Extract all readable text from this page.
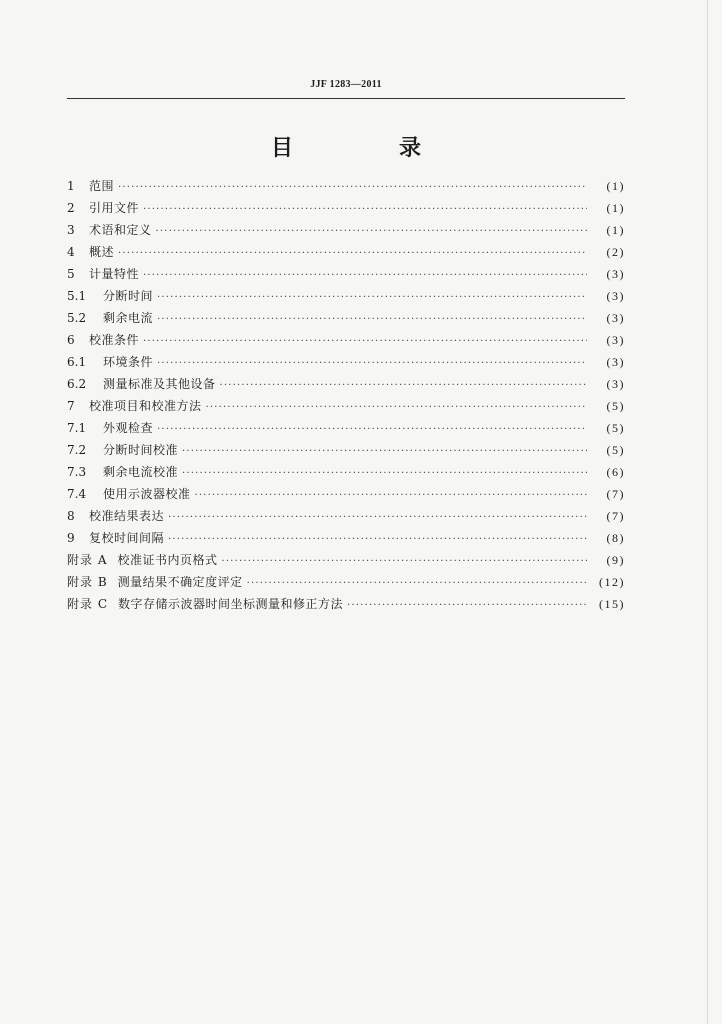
JJF 1283—2011
目　录
1	范围 ·····	(1)
2	引用文件 ·····	(1)
3	术语和定义 ·····	(1)
4	概述 ·····	(2)
5	计量特性 ·····	(3)
5.1	分断时间 ·····	(3)
5.2	剩余电流 ·····	(3)
6	校准条件 ·····	(3)
6.1	环境条件 ·····	(3)
6.2	测量标准及其他设备 ·····	(3)
7	校准项目和校准方法 ·····	(5)
7.1	外观检查 ·····	(5)
7.2	分断时间校准 ·····	(5)
7.3	剩余电流校准 ·····	(6)
7.4	使用示波器校准 ·····	(7)
8	校准结果表达 ·····	(7)
9	复校时间间隔 ·····	(8)
附录 A 校准证书内页格式 ·····	(9)
附录 B 测量结果不确定度评定 ·····	(12)
附录 C 数字存储示波器时间坐标测量和修正方法 ·····	(15)
